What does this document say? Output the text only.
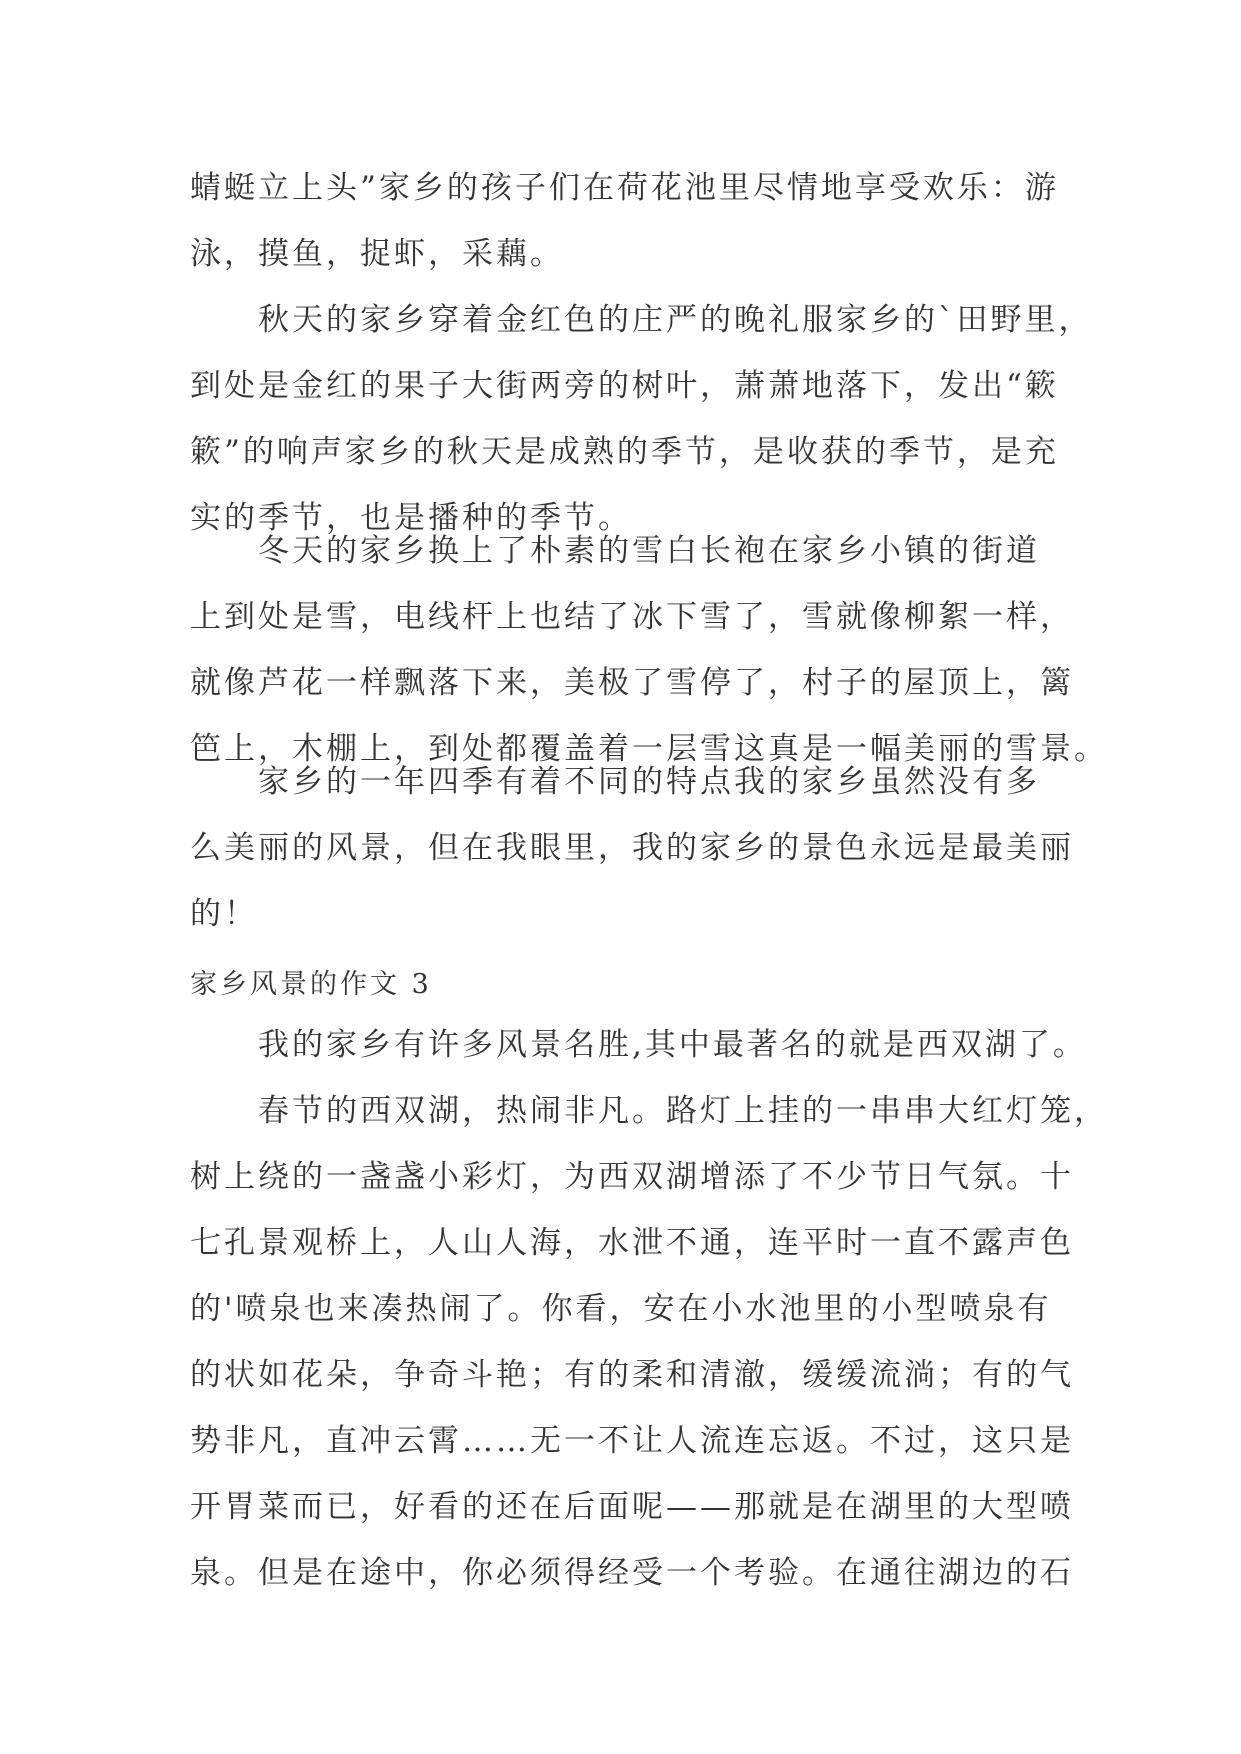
蜻蜓立上头”家乡的孩子们在荷花池里尽情地享受欢乐：游
泳，摸鱼，捉虾，采藕。
秋天的家乡穿着金红色的庄严的晚礼服家乡的`田野里，
到处是金红的果子大街两旁的树叶，萧萧地落下，发出“簌
簌”的响声家乡的秋天是成熟的季节，是收获的季节，是充
实的季节，也是播种的季节。
冬天的家乡换上了朴素的雪白长袍在家乡小镇的街道
上到处是雪，电线杆上也结了冰下雪了，雪就像柳絮一样，
就像芦花一样飘落下来，美极了雪停了，村子的屋顶上，篱
笆上，木棚上，到处都覆盖着一层雪这真是一幅美丽的雪景。
家乡的一年四季有着不同的特点我的家乡虽然没有多
么美丽的风景，但在我眼里，我的家乡的景色永远是最美丽
的！
家乡风景的作文 3
我的家乡有许多风景名胜,其中最著名的就是西双湖了。
春节的西双湖，热闹非凡。路灯上挂的一串串大红灯笼，
树上绕的一盏盏小彩灯，为西双湖增添了不少节日气氛。十
七孔景观桥上，人山人海，水泄不通，连平时一直不露声色
的'喷泉也来凑热闹了。你看，安在小水池里的小型喷泉有
的状如花朵，争奇斗艳；有的柔和清澈，缓缓流淌；有的气
势非凡，直冲云霄……无一不让人流连忘返。不过，这只是
开胃菜而已，好看的还在后面呢——那就是在湖里的大型喷
泉。但是在途中，你必须得经受一个考验。在通往湖边的石
